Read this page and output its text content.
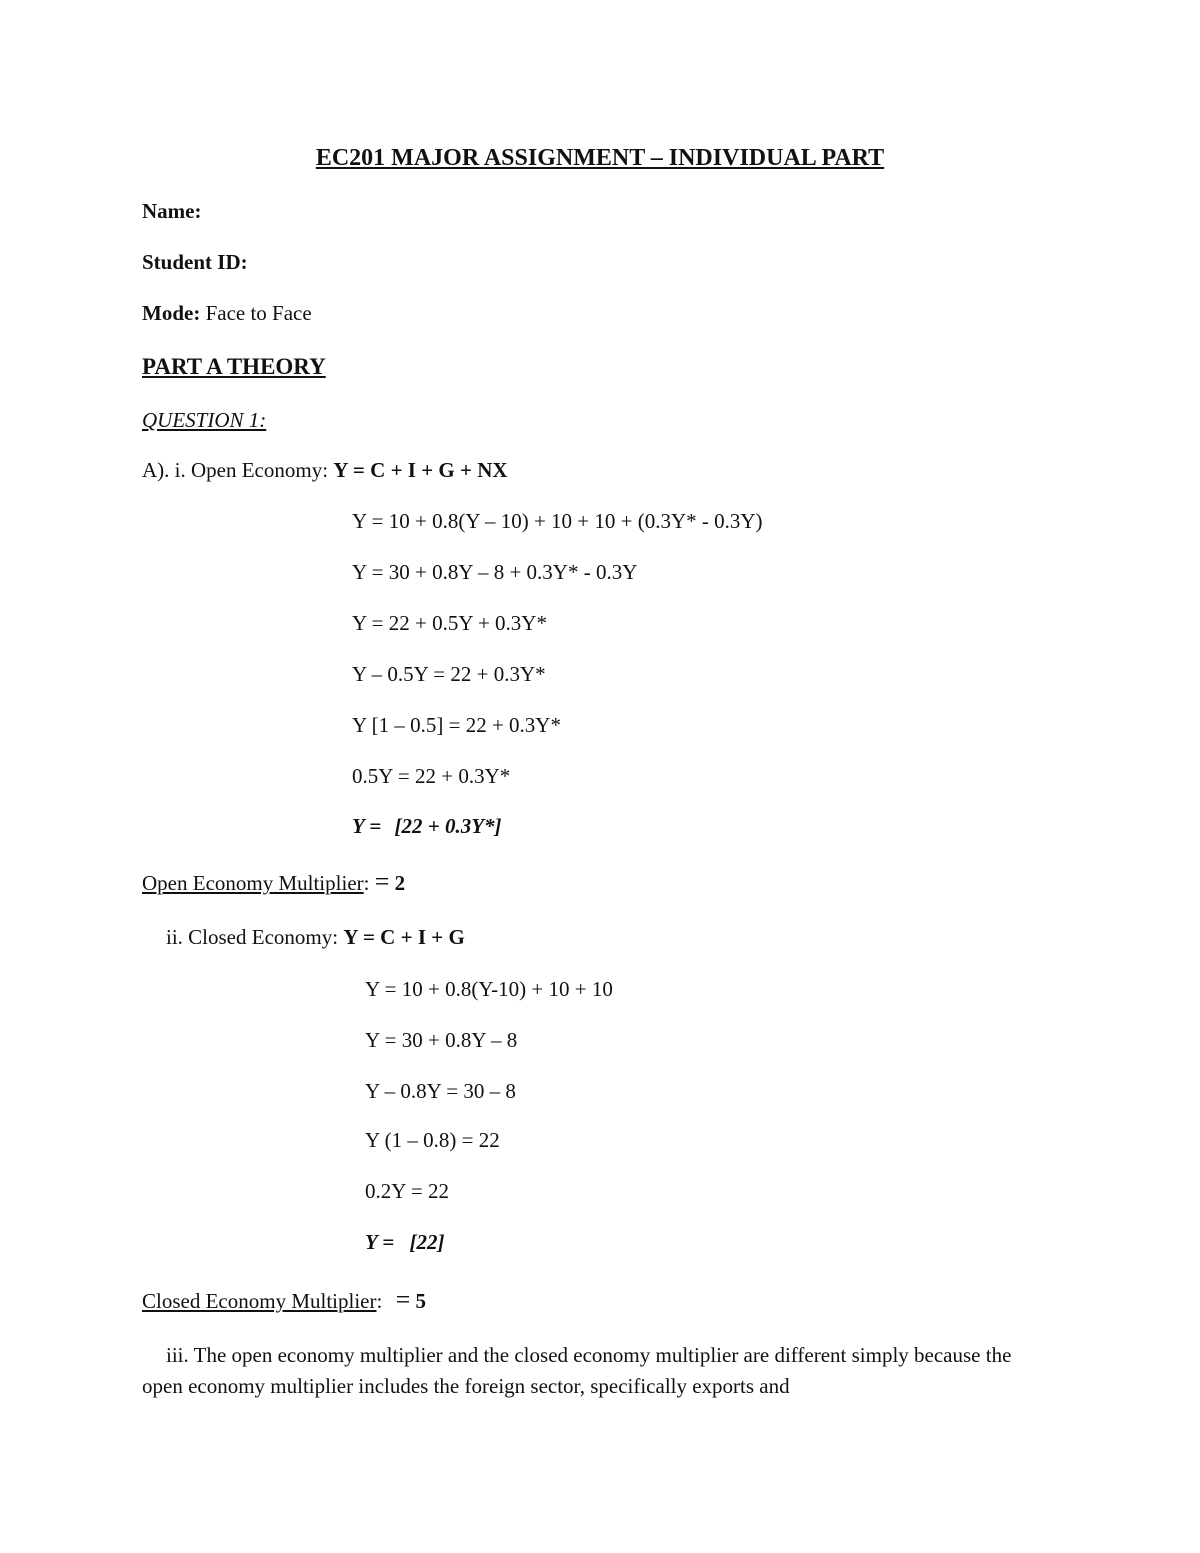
EC201 MAJOR ASSIGNMENT – INDIVIDUAL PART
Name:
Student ID:
Mode: Face to Face
PART A THEORY
QUESTION 1:
A). i. Open Economy: Y = C + I + G + NX
Y = 10 + 0.8(Y – 10) + 10 + 10 + (0.3Y* - 0.3Y)
Y = 30 + 0.8Y – 8 + 0.3Y* - 0.3Y
Y = 22 + 0.5Y + 0.3Y*
Y – 0.5Y = 22 + 0.3Y*
Y [1 – 0.5] = 22 + 0.3Y*
0.5Y = 22 + 0.3Y*
Y = [22 + 0.3Y*]
Open Economy Multiplier: = 2
ii. Closed Economy: Y = C + I + G
Y = 10 + 0.8(Y-10) + 10 + 10
Y = 30 + 0.8Y – 8
Y – 0.8Y = 30 – 8
Y (1 – 0.8) = 22
0.2Y = 22
Y = [22]
Closed Economy Multiplier: = 5
iii. The open economy multiplier and the closed economy multiplier are different simply because the open economy multiplier includes the foreign sector, specifically exports and
